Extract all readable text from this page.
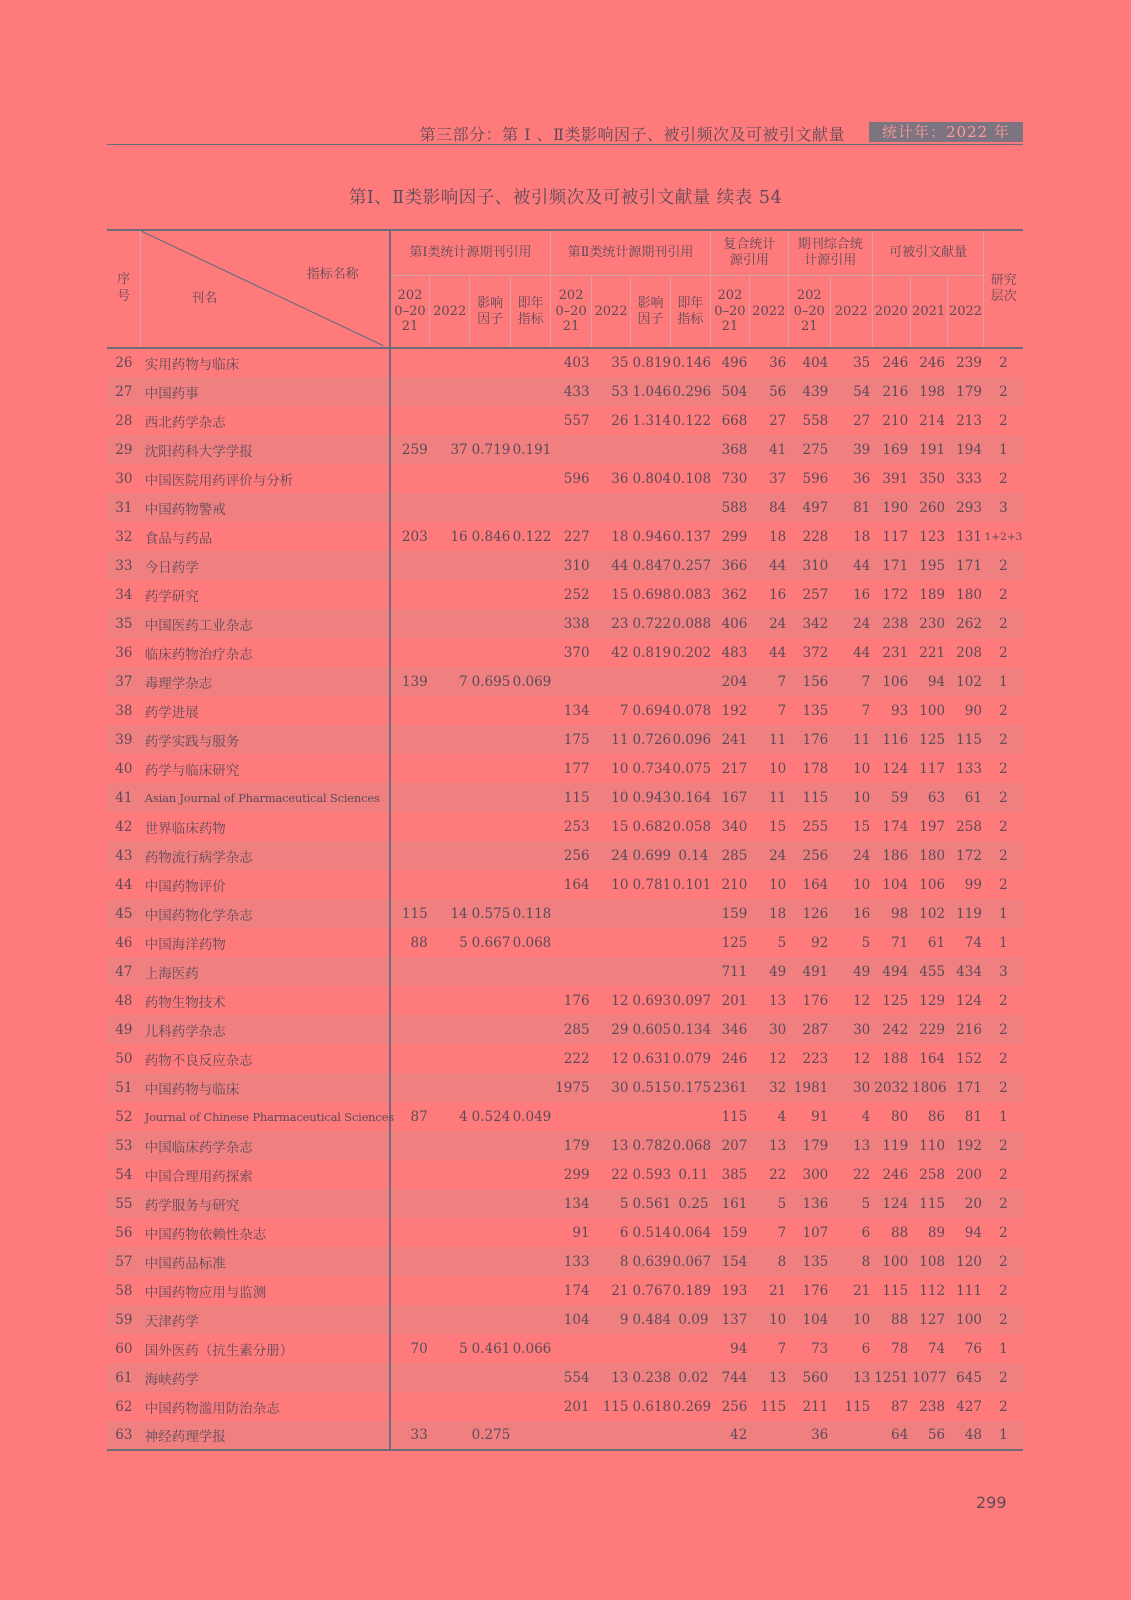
第三部分：第 Ⅰ 、Ⅱ类影响因子、被引频次及可被引文献量	统计年：2022 年
第Ⅰ、Ⅱ类影响因子、被引频次及可被引文献量 续表 54
序号	指标名称
刊名	第Ⅰ类统计源期刊引用				第Ⅱ类统计源期刊引用				复合统计源引用		期刊综合统计源引用		可被引文献量			研究层次
		2020–2021	2022	影响因子	即年指标	2020–2021	2022	影响因子	即年指标	2020–2021	2022	2020–2021	2022	2020	2021	2022	
26	实用药物与临床					403	35	0.819	0.146	496	36	404	35	246	246	239	2
27	中国药事					433	53	1.046	0.296	504	56	439	54	216	198	179	2
28	西北药学杂志					557	26	1.314	0.122	668	27	558	27	210	214	213	2
29	沈阳药科大学学报	259	37	0.719	0.191					368	41	275	39	169	191	194	1
30	中国医院用药评价与分析					596	36	0.804	0.108	730	37	596	36	391	350	333	2
31	中国药物警戒									588	84	497	81	190	260	293	3
32	食品与药品	203	16	0.846	0.122	227	18	0.946	0.137	299	18	228	18	117	123	131	1+2+3
33	今日药学					310	44	0.847	0.257	366	44	310	44	171	195	171	2
34	药学研究					252	15	0.698	0.083	362	16	257	16	172	189	180	2
35	中国医药工业杂志					338	23	0.722	0.088	406	24	342	24	238	230	262	2
36	临床药物治疗杂志					370	42	0.819	0.202	483	44	372	44	231	221	208	2
37	毒理学杂志	139	7	0.695	0.069					204	7	156	7	106	94	102	1
38	药学进展					134	7	0.694	0.078	192	7	135	7	93	100	90	2
39	药学实践与服务					175	11	0.726	0.096	241	11	176	11	116	125	115	2
40	药学与临床研究					177	10	0.734	0.075	217	10	178	10	124	117	133	2
41	Asian Journal of Pharmaceutical Sciences					115	10	0.943	0.164	167	11	115	10	59	63	61	2
42	世界临床药物					253	15	0.682	0.058	340	15	255	15	174	197	258	2
43	药物流行病学杂志					256	24	0.699	0.14	285	24	256	24	186	180	172	2
44	中国药物评价					164	10	0.781	0.101	210	10	164	10	104	106	99	2
45	中国药物化学杂志	115	14	0.575	0.118					159	18	126	16	98	102	119	1
46	中国海洋药物	88	5	0.667	0.068					125	5	92	5	71	61	74	1
47	上海医药									711	49	491	49	494	455	434	3
48	药物生物技术					176	12	0.693	0.097	201	13	176	12	125	129	124	2
49	儿科药学杂志					285	29	0.605	0.134	346	30	287	30	242	229	216	2
50	药物不良反应杂志					222	12	0.631	0.079	246	12	223	12	188	164	152	2
51	中国药物与临床					1975	30	0.515	0.175	2361	32	1981	30	2032	1806	171	2
52	Journal of Chinese Pharmaceutical Sciences	87	4	0.524	0.049					115	4	91	4	80	86	81	1
53	中国临床药学杂志					179	13	0.782	0.068	207	13	179	13	119	110	192	2
54	中国合理用药探索					299	22	0.593	0.11	385	22	300	22	246	258	200	2
55	药学服务与研究					134	5	0.561	0.25	161	5	136	5	124	115	20	2
56	中国药物依赖性杂志					91	6	0.514	0.064	159	7	107	6	88	89	94	2
57	中国药品标准					133	8	0.639	0.067	154	8	135	8	100	108	120	2
58	中国药物应用与监测					174	21	0.767	0.189	193	21	176	21	115	112	111	2
59	天津药学					104	9	0.484	0.09	137	10	104	10	88	127	100	2
60	国外医药（抗生素分册）	70	5	0.461	0.066					94	7	73	6	78	74	76	1
61	海峡药学					554	13	0.238	0.02	744	13	560	13	1251	1077	645	2
62	中国药物滥用防治杂志					201	115	0.618	0.269	256	115	211	115	87	238	427	2
63	神经药理学报	33		0.275						42		36		64	56	48	1
299
